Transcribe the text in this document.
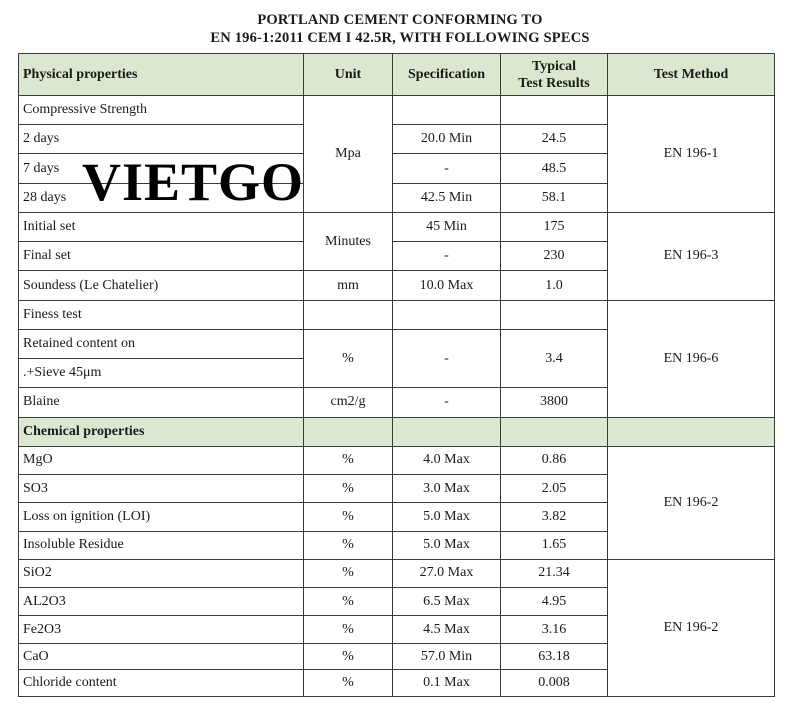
PORTLAND CEMENT CONFORMING TO
EN 196-1:2011 CEM I 42.5R, WITH FOLLOWING SPECS
Physical properties	Unit	Specification	Typical
Test Results	Test Method
Compressive Strength	Mpa			EN 196-1
2 days		20.0 Min	24.5	
7 days		-	48.5	
28 days		42.5 Min	58.1	
Initial set	Minutes	45 Min	175	EN 196-3
Final set		-	230	
Soundess (Le Chatelier)	mm	10.0 Max	1.0	
Finess test				EN 196-6
Retained content on	%	-	3.4	
.+Sieve 45μm				
Blaine	cm2/g	-	3800	
Chemical properties				
MgO	%	4.0 Max	0.86	EN 196-2
SO3	%	3.0 Max	2.05	
Loss on ignition (LOI)	%	5.0 Max	3.82	
Insoluble Residue	%	5.0 Max	1.65	
SiO2	%	27.0 Max	21.34	EN 196-2
AL2O3	%	6.5 Max	4.95	
Fe2O3	%	4.5 Max	3.16	
CaO	%	57.0 Min	63.18	
Chloride content	%	0.1 Max	0.008	
VIETGO
